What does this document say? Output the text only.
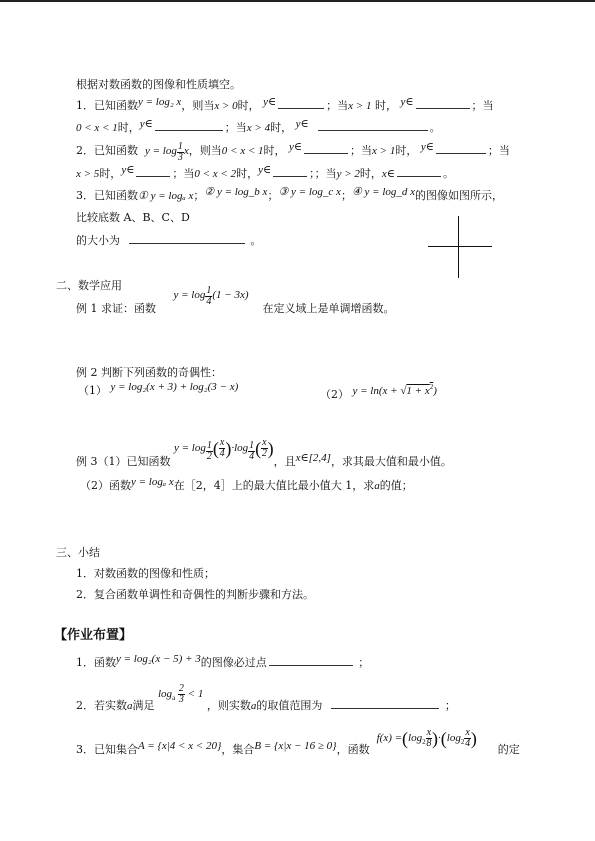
根据对数函数的图像和性质填空。
1．已知函数y = log₂ x，则当x > 0时， y∈	；当x > 1 时， y∈	；当
0 < x < 1时，y∈	；当x > 4时， y∈	。
2．已知函数 $y = \log \frac{1}{3}$ x，则当0 < x < 1时， y∈	；当x > 1时， y∈	；当
x > 5时，y∈	；当0 < x < 2时，y∈	；；当y > 2时，x∈	。
3．已知函数① y = logₐ x；② y = log_b x；③ y = log_c x；④ y = log_d x的图像如图所示，
比较底数 A、B、C、D
的大小为	。
二、数学应用
例 1 求证：函数     $y = \log \frac{1}{4} (1 - 3x)$    在定义域上是单调增函数。
例 2 判断下列函数的奇偶性：
（1） y = log₂(x + 3) + log₂(3 − x)
（2） $y = \ln(x + √1 + x^2)$
例 3（1）已知函数 $y = \log \frac{1}{2}$ ( $\frac{x}{4} )\cdot\log \frac{1}{4}$ ( $\frac{x}{2}$ )，且x∈[2,4]，求其最大值和最小值。
（2）函数y = logₐ x在［2，4］上的最大值比最小值大 1，求a的值；
三、小结
1．对数函数的图像和性质；
2．复合函数单调性和奇偶性的判断步骤和方法。
【作业布置】
1．函数y = log₂(x − 5) + 3的图像必过点	；
2．若实数a满足 $\log_a \frac{2}{3} < 1$ ，则实数a的取值范围为	；
3．已知集合A = {x|4 < x < 20}，集合B = {x|x − 16 ≥ 0}，函数  $f(x) =(\log_2 \frac{x}{8} )\cdot(\log_2 \frac{x}{4}$ )      的定
